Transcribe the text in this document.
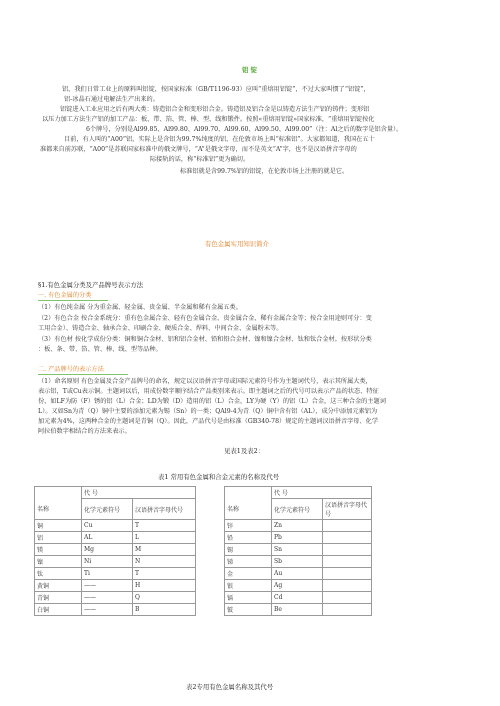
铝 锭
铝，我们日常工业上的原料叫铝锭，按国家标准（GB/T1196-93）应叫“重熔用铝锭”，不过大家叫惯了“铝锭”，
铝-冰晶石通过电解法生产出来的。
铝锭进入工业应用之后有两大类：铸造铝合金和变形铝合金。铸造铝及铝合金是以铸造方法生产铝的铸件；变形铝
以压力加工方法生产铝的加工产品：板、带、箔、管、棒、型、线和锻件。按照«重熔用铝锭»国家标准，“重熔用铝锭按化
6个牌号，分别是Al99.85、Al99.80、Al99.70、Al99.60、Al99.50、Al99.00”（注：Al之后的数字是铝含量）。
目前，有人叫的“A00”铝，实际上是含铝为99.7%纯度的铝，在伦敦市场上叫“标准铝”。大家都知道，我国在五十
准都来自前苏联，“A00”是苏联国家标准中的俄文牌号，“A”是俄文字母，而不是英文“A”字，也不是汉语拼音字母的
际接轨的话，称“标准铝”更为确切。
标准铝就是含99.7%铝的铝锭，在伦敦市场上注册的就是它。
有色金属实用知识简介
§1.有色金属分类及产品牌号表示方法
一. 有色金属的分类
（1）有色纯金属 分为重金属、轻金属、贵金属、半金属和稀有金属五类。
（2）有色合金 按合金系统分：重有色金属合金、轻有色金属合金、贵金属合金、稀有金属合金等；按合金用途则可分：变
工用合金）、铸造合金、轴承合金、印刷合金、硬质合金、焊料、中间合金、金属粉末等。
（3）有色材 按化学成份分类：铜和铜合金材、铝和铝合金材、铅和铅合金材、镍和镍合金材、钛和钛合金材。按形状分类
：板、条、带、箔、管、棒、线、型等品种。
二. 产品牌号的表示方法
（1）命名原则 有色金属及合金产品牌号的命名，规定以汉语拼音字母或国际元素符号作为主题词代号，表示其所属大类，
表示铝，T或Cu表示铜。主题词以后，用成份数字顺序结合产品类别来表示。即主题词之后的代号可以表示产品的状态、特征
份，如LF为防（F）锈的铝（L）合金；LD为锻（D）造用的铝（L）合金，LY为硬（Y）的铝（L）合金，这三种合金的主题词
L）。又如Sn为青（Q）铜中主要的添加元素为锡（Sn）的一类；QAl9-4为青（Q）铜中含有铝（AL），成分中添加元素铝为
加元素为4%，这两种合金的主题词是青铜（Q）。因此，产品代号是由标准（GB340-78）规定的主题词汉语拼音字母、化学
阿拉伯数字相结合的方法来表示。
见表1及表2：
表1 常用有色金属和合金元素的名称及代号
	代 号	
名称	化学元素符号	汉语拼音字母代号
铜	Cu	T
铝	AL	L
镁	Mg	M
镍	Ni	N
钛	Ti	T
黄铜	——	H
青铜	——	Q
白铜	——	B
	代 号	
名称	化学元素符号	汉语拼音字母代号
锌	Zn	
铅	Pb	
锡	Sn	
锑	Sb	
金	Au	
银	Ag	
镉	Cd	
铍	Be	
表2专用有色金属名称及其代号
